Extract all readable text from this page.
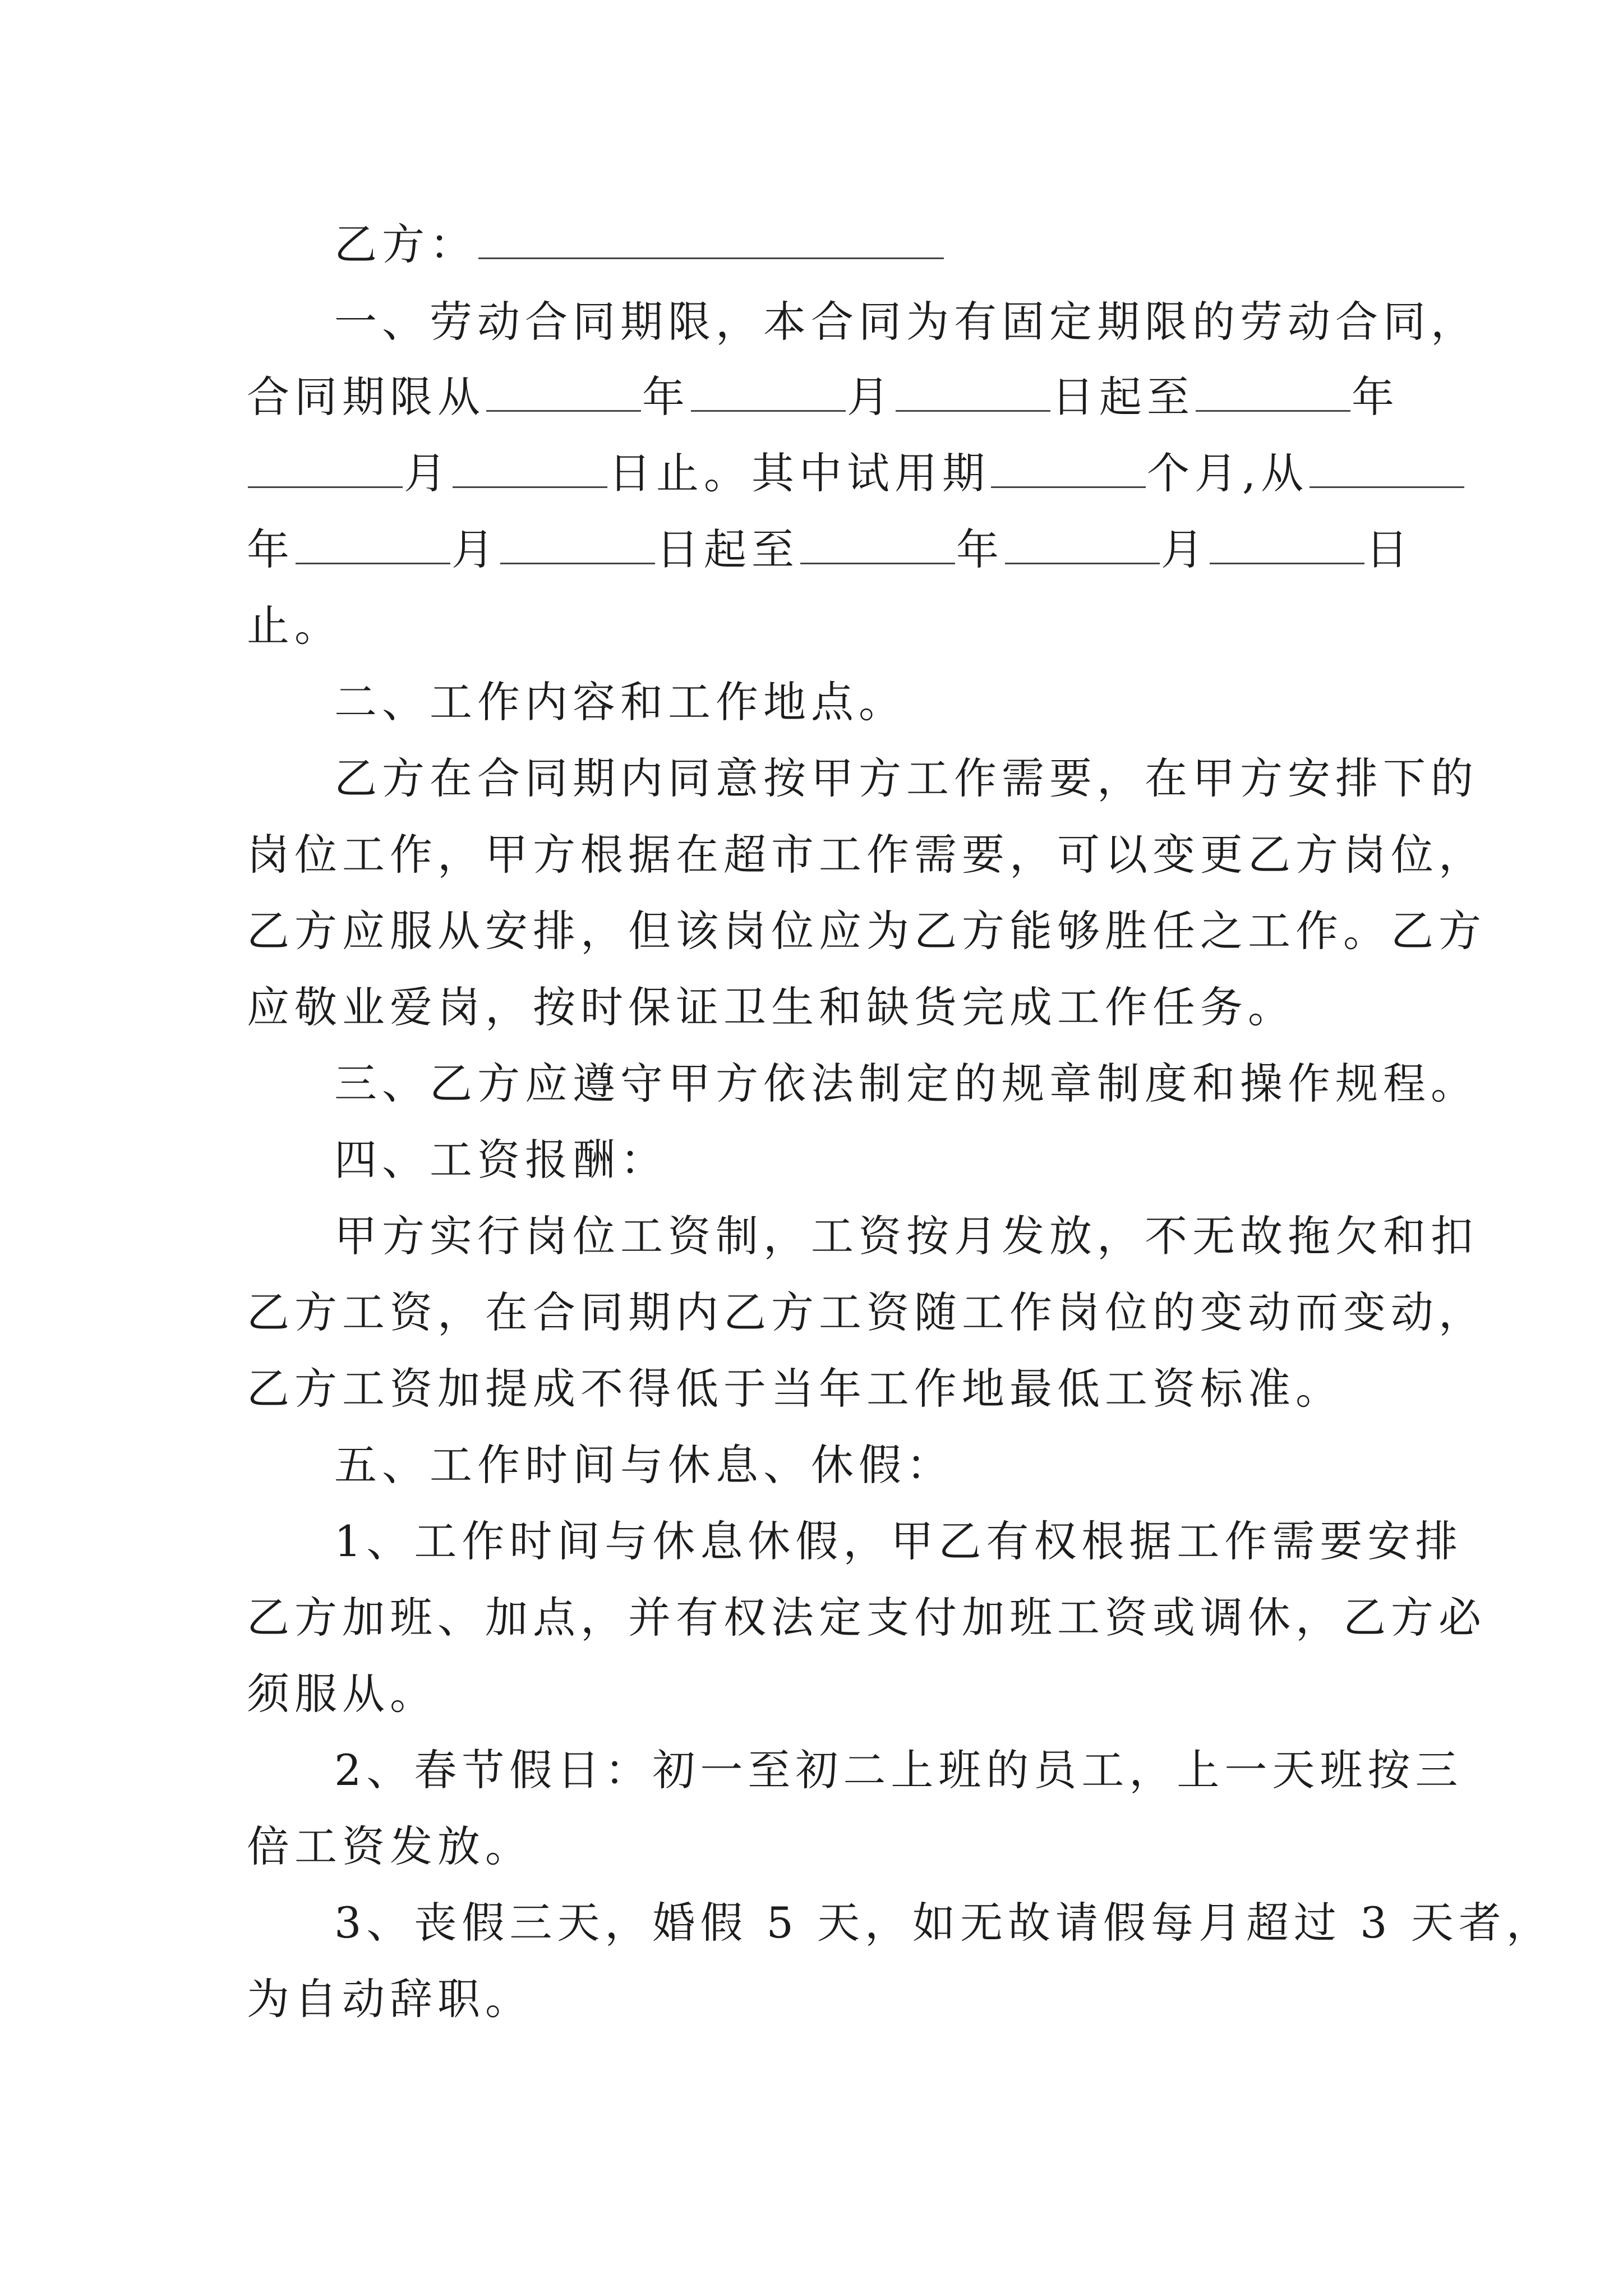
乙方：
一、劳动合同期限，本合同为有固定期限的劳动合同，
合同期限从	年	月	日起至	年
月	日止。其中试用期	个月,从
年	月	日起至	年	月	日
止。
二、工作内容和工作地点。
乙方在合同期内同意按甲方工作需要，在甲方安排下的
岗位工作，甲方根据在超市工作需要，可以变更乙方岗位，
乙方应服从安排，但该岗位应为乙方能够胜任之工作。乙方
应敬业爱岗，按时保证卫生和缺货完成工作任务。
三、乙方应遵守甲方依法制定的规章制度和操作规程。
四、工资报酬：
甲方实行岗位工资制，工资按月发放，不无故拖欠和扣
乙方工资，在合同期内乙方工资随工作岗位的变动而变动，
乙方工资加提成不得低于当年工作地最低工资标准。
五、工作时间与休息、休假：
1、工作时间与休息休假，甲乙有权根据工作需要安排
乙方加班、加点，并有权法定支付加班工资或调休，乙方必
须服从。
2、春节假日：初一至初二上班的员工，上一天班按三
倍工资发放。
3、丧假三天，婚假 5 天，如无故请假每月超过 3 天者，
为自动辞职。
